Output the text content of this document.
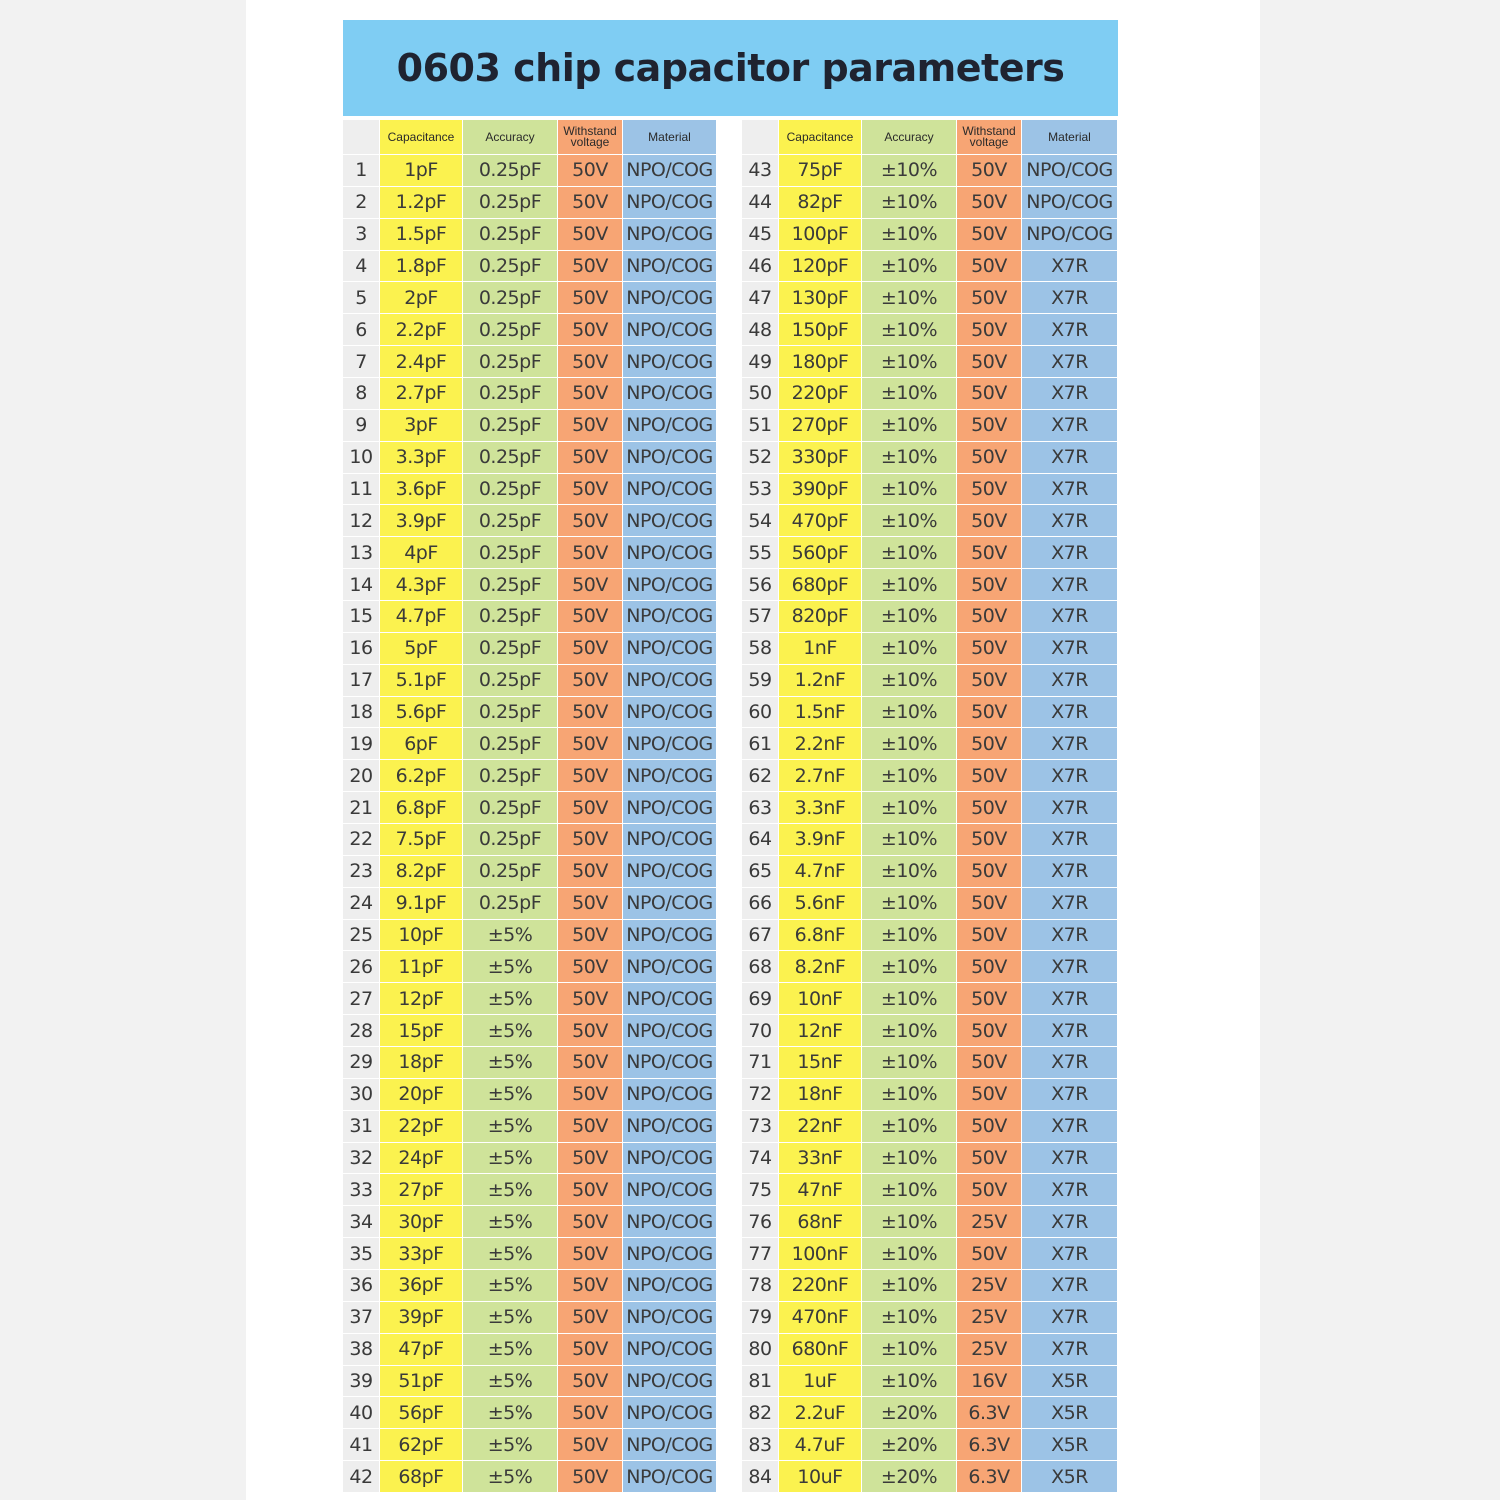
0603 chip capacitor parameters
Capacitance	Accuracy	Withstand voltage	Material
1	1pF	0.25pF	50V NPO/COG
2	1.2pF	0.25pF	50V NPO/COG
3	1.5pF	0.25pF	50V NPO/COG
4	1.8pF	0.25pF	50V NPO/COG
5	2pF	0.25pF	50V NPO/COG
6	2.2pF	0.25pF	50V NPO/COG
7	2.4pF	0.25pF	50V NPO/COG
8	2.7pF	0.25pF	50V NPO/COG
9	3pF	0.25pF	50V NPO/COG
10	3.3pF	0.25pF	50V NPO/COG
11	3.6pF	0.25pF	50V NPO/COG
12	3.9pF	0.25pF	50V NPO/COG
13	4pF	0.25pF	50V NPO/COG
14	4.3pF	0.25pF	50V NPO/COG
15	4.7pF	0.25pF	50V NPO/COG
16	5pF	0.25pF	50V NPO/COG
17	5.1pF	0.25pF	50V NPO/COG
18	5.6pF	0.25pF	50V NPO/COG
19	6pF	0.25pF	50V NPO/COG
20	6.2pF	0.25pF	50V NPO/COG
21	6.8pF	0.25pF	50V NPO/COG
22	7.5pF	0.25pF	50V NPO/COG
23	8.2pF	0.25pF	50V NPO/COG
24	9.1pF	0.25pF	50V NPO/COG
25	10pF	±5%	50V NPO/COG
26	11pF	±5%	50V NPO/COG
27	12pF	±5%	50V NPO/COG
28	15pF	±5%	50V NPO/COG
29	18pF	±5%	50V NPO/COG
30	20pF	±5%	50V NPO/COG
31	22pF	±5%	50V NPO/COG
32	24pF	±5%	50V NPO/COG
33	27pF	±5%	50V NPO/COG
34	30pF	±5%	50V NPO/COG
35	33pF	±5%	50V NPO/COG
36	36pF	±5%	50V NPO/COG
37	39pF	±5%	50V NPO/COG
38	47pF	±5%	50V NPO/COG
39	51pF	±5%	50V NPO/COG
40	56pF	±5%	50V NPO/COG
41	62pF	±5%	50V NPO/COG
42	68pF	±5%	50V NPO/COG
Capacitance	Accuracy	Withstand voltage	Material
43	75pF	±10%	50V	NPO/COG
44	82pF	±10%	50V	NPO/COG
45	100pF	±10%	50V	NPO/COG
46	120pF	±10%	50V	X7R
47	130pF	±10%	50V	X7R
48	150pF	±10%	50V	X7R
49	180pF	±10%	50V	X7R
50	220pF	±10%	50V	X7R
51	270pF	±10%	50V	X7R
52	330pF	±10%	50V	X7R
53	390pF	±10%	50V	X7R
54	470pF	±10%	50V	X7R
55	560pF	±10%	50V	X7R
56	680pF	±10%	50V	X7R
57	820pF	±10%	50V	X7R
58	1nF	±10%	50V	X7R
59	1.2nF	±10%	50V	X7R
60	1.5nF	±10%	50V	X7R
61	2.2nF	±10%	50V	X7R
62	2.7nF	±10%	50V	X7R
63	3.3nF	±10%	50V	X7R
64	3.9nF	±10%	50V	X7R
65	4.7nF	±10%	50V	X7R
66	5.6nF	±10%	50V	X7R
67	6.8nF	±10%	50V	X7R
68	8.2nF	±10%	50V	X7R
69	10nF	±10%	50V	X7R
70	12nF	±10%	50V	X7R
71	15nF	±10%	50V	X7R
72	18nF	±10%	50V	X7R
73	22nF	±10%	50V	X7R
74	33nF	±10%	50V	X7R
75	47nF	±10%	50V	X7R
76	68nF	±10%	25V	X7R
77	100nF	±10%	50V	X7R
78	220nF	±10%	25V	X7R
79	470nF	±10%	25V	X7R
80	680nF	±10%	25V	X7R
81	1uF	±10%	16V	X5R
82	2.2uF	±20%	6.3V	X5R
83	4.7uF	±20%	6.3V	X5R
84	10uF	±20%	6.3V	X5R
